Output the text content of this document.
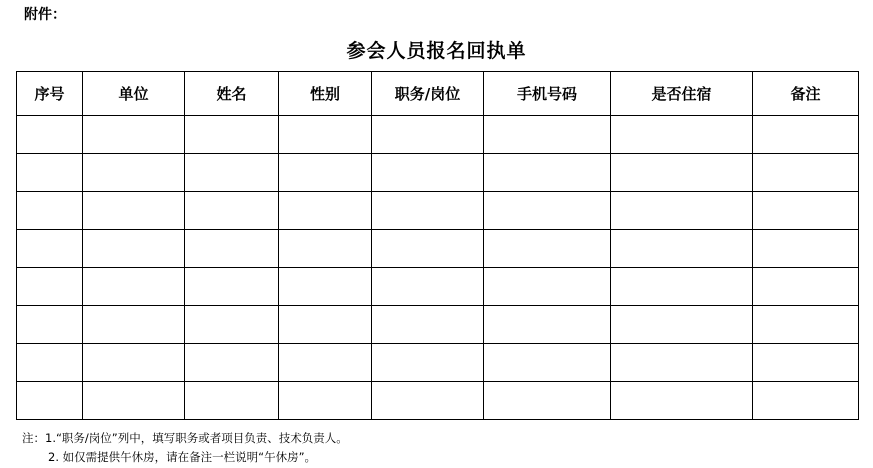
附件：
参会人员报名回执单
序号	单位	姓名	性别	职务/岗位	手机号码	是否住宿	备注

注：1.“职务/岗位”列中，填写职务或者项目负责、技术负责人。
2. 如仅需提供午休房，请在备注一栏说明“午休房”。
